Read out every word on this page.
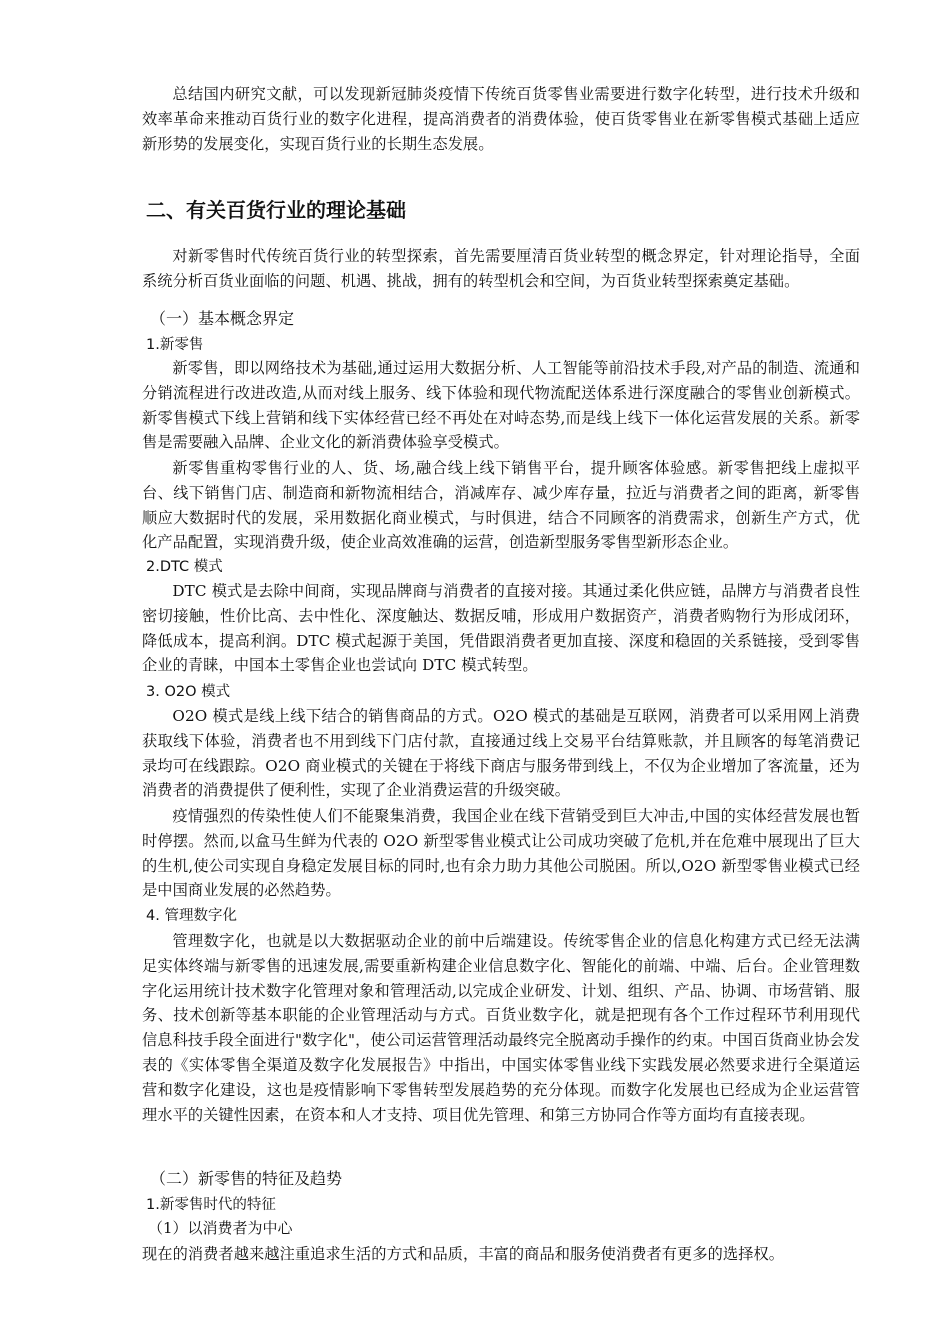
总结国内研究文献，可以发现新冠肺炎疫情下传统百货零售业需要进行数字化转型，进行技术升级和效率革命来推动百货行业的数字化进程，提高消费者的消费体验，使百货零售业在新零售模式基础上适应新形势的发展变化，实现百货行业的长期生态发展。

二、有关百货行业的理论基础

对新零售时代传统百货行业的转型探索，首先需要厘清百货业转型的概念界定，针对理论指导，全面系统分析百货业面临的问题、机遇、挑战，拥有的转型机会和空间，为百货业转型探索奠定基础。

（一）基本概念界定
1.新零售

新零售，即以网络技术为基础,通过运用大数据分析、人工智能等前沿技术手段,对产品的制造、流通和分销流程进行改进改造,从而对线上服务、线下体验和现代物流配送体系进行深度融合的零售业创新模式。新零售模式下线上营销和线下实体经营已经不再处在对峙态势,而是线上线下一体化运营发展的关系。新零售是需要融入品牌、企业文化的新消费体验享受模式。

新零售重构零售行业的人、货、场,融合线上线下销售平台，提升顾客体验感。新零售把线上虚拟平台、线下销售门店、制造商和新物流相结合，消减库存、减少库存量，拉近与消费者之间的距离，新零售顺应大数据时代的发展，采用数据化商业模式，与时俱进，结合不同顾客的消费需求，创新生产方式，优化产品配置，实现消费升级，使企业高效准确的运营，创造新型服务零售型新形态企业。

2.DTC 模式

DTC 模式是去除中间商，实现品牌商与消费者的直接对接。其通过柔化供应链，品牌方与消费者良性密切接触，性价比高、去中性化、深度触达、数据反哺，形成用户数据资产，消费者购物行为形成闭环，降低成本，提高利润。DTC 模式起源于美国，凭借跟消费者更加直接、深度和稳固的关系链接，受到零售企业的青睐，中国本土零售企业也尝试向 DTC 模式转型。

3. O2O 模式

O2O 模式是线上线下结合的销售商品的方式。O2O 模式的基础是互联网，消费者可以采用网上消费获取线下体验，消费者也不用到线下门店付款，直接通过线上交易平台结算账款，并且顾客的每笔消费记录均可在线跟踪。O2O 商业模式的关键在于将线下商店与服务带到线上，不仅为企业增加了客流量，还为消费者的消费提供了便利性，实现了企业消费运营的升级突破。

疫情强烈的传染性使人们不能聚集消费，我国企业在线下营销受到巨大冲击,中国的实体经营发展也暂时停摆。然而,以盒马生鲜为代表的 O2O 新型零售业模式让公司成功突破了危机,并在危难中展现出了巨大的生机,使公司实现自身稳定发展目标的同时,也有余力助力其他公司脱困。所以,O2O 新型零售业模式已经是中国商业发展的必然趋势。

4. 管理数字化

管理数字化，也就是以大数据驱动企业的前中后端建设。传统零售企业的信息化构建方式已经无法满足实体终端与新零售的迅速发展,需要重新构建企业信息数字化、智能化的前端、中端、后台。企业管理数字化运用统计技术数字化管理对象和管理活动,以完成企业研发、计划、组织、产品、协调、市场营销、服务、技术创新等基本职能的企业管理活动与方式。百货业数字化，就是把现有各个工作过程环节利用现代信息科技手段全面进行"数字化"，使公司运营管理活动最终完全脱离动手操作的约束。中国百货商业协会发表的《实体零售全渠道及数字化发展报告》中指出，中国实体零售业线下实践发展必然要求进行全渠道运营和数字化建设，这也是疫情影响下零售转型发展趋势的充分体现。而数字化发展也已经成为企业运营管理水平的关键性因素，在资本和人才支持、项目优先管理、和第三方协同合作等方面均有直接表现。

（二）新零售的特征及趋势
1.新零售时代的特征
（1）以消费者为中心

现在的消费者越来越注重追求生活的方式和品质，丰富的商品和服务使消费者有更多的选择权。
